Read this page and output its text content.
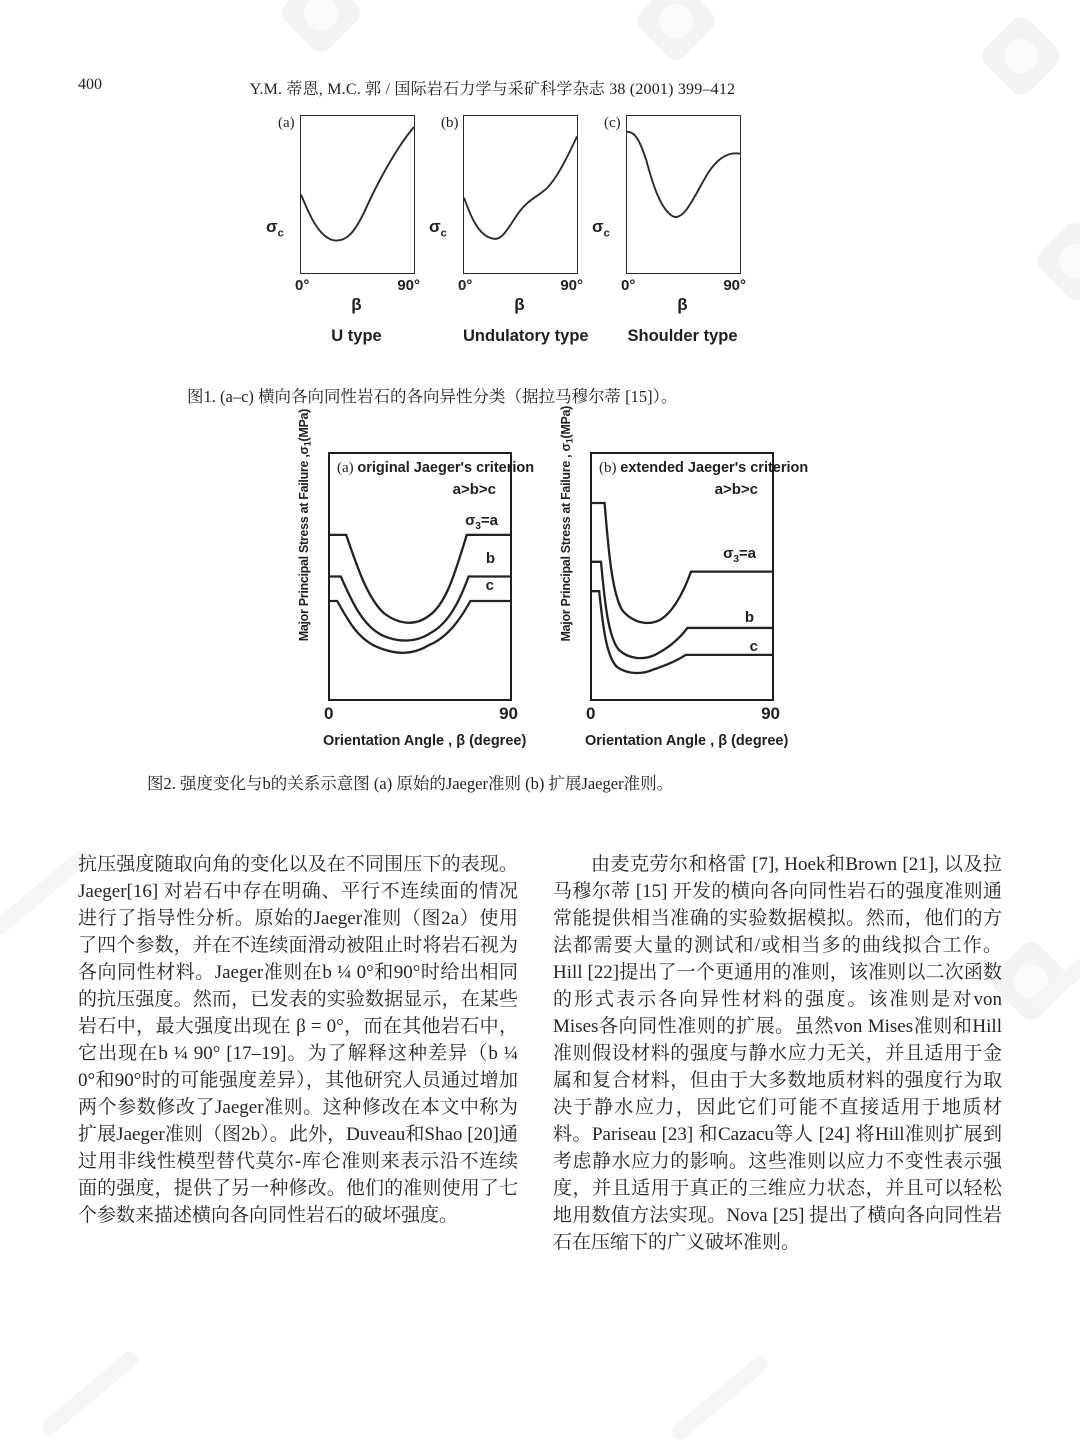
400	Y.M. 蒂恩, M.C. 郭 / 国际岩石力学与采矿科学杂志 38 (2001) 399–412
(a)
$\sigma_c$
0°	90°
β
U type
(b)
$\sigma_c$
0°	90°
β
Undulatory type
(c)
$\sigma_c$
0°	90°
β
Shoulder type
图1. (a–c) 横向各向同性岩石的各向异性分类（据拉马穆尔蒂 [15]）。
Major Principal Stress at Failure $,\sigma_1(MPa)$
(a) original Jaeger's criterion
a>b>c
$\sigma_3=a$
b
c
0	90
Orientation Angle , β (degree)
Major Principal Stress at Failure , $\sigma_1(MPa)$
(b) extended Jaeger's criterion
a>b>c
$\sigma_3=a$
b
c
0	90
Orientation Angle , β (degree)
图2. 强度变化与b的关系示意图 (a) 原始的Jaeger准则 (b) 扩展Jaeger准则。

抗压强度随取向角的变化以及在不同围压下的表现。Jaeger[16] 对岩石中存在明确、平行不连续面的情况进行了指导性分析。原始的Jaeger准则（图2a）使用了四个参数，并在不连续面滑动被阻止时将岩石视为各向同性材料。Jaeger准则在b ¼ 0°和90°时给出相同的抗压强度。然而，已发表的实验数据显示，在某些岩石中，最大强度出现在 β = 0°，而在其他岩石中，它出现在b ¼ 90° [17–19]。为了解释这种差异（b ¼ 0°和90°时的可能强度差异），其他研究人员通过增加两个参数修改了Jaeger准则。这种修改在本文中称为扩展Jaeger准则（图2b）。此外，Duveau和Shao [20]通过用非线性模型替代莫尔-库仑准则来表示沿不连续面的强度，提供了另一种修改。他们的准则使用了七个参数来描述横向各向同性岩石的破坏强度。

由麦克劳尔和格雷 [7], Hoek和Brown [21], 以及拉马穆尔蒂 [15] 开发的横向各向同性岩石的强度准则通常能提供相当准确的实验数据模拟。然而，他们的方法都需要大量的测试和/或相当多的曲线拟合工作。Hill [22]提出了一个更通用的准则，该准则以二次函数的形式表示各向异性材料的强度。该准则是对von Mises各向同性准则的扩展。虽然von Mises准则和Hill准则假设材料的强度与静水应力无关，并且适用于金属和复合材料，但由于大多数地质材料的强度行为取决于静水应力，因此它们可能不直接适用于地质材料。Pariseau [23] 和Cazacu等人 [24] 将Hill准则扩展到考虑静水应力的影响。这些准则以应力不变性表示强度，并且适用于真正的三维应力状态，并且可以轻松地用数值方法实现。Nova [25] 提出了横向各向同性岩石在压缩下的广义破坏准则。
